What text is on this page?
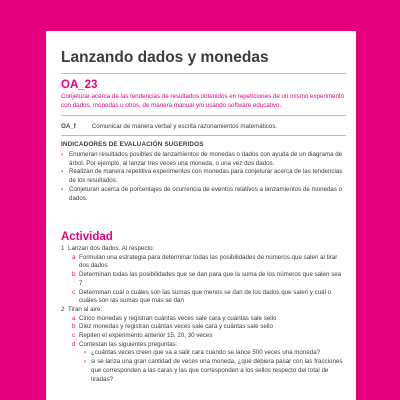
Lanzando dados y monedas
OA_23
Conjeturar acerca de las tendencias de resultados obtenidos en repeticiones de un mismo experimento con dados, monedas u otros, de manera manual y/o usando software educativo.
OA_f	Comunicar de manera verbal y escrita razonamientos matemáticos.
INDICADORES DE EVALUACIÓN SUGERIDOS
› Enumeran resultados posibles de lanzamientos de monedas o dados con ayuda de un diagrama de árbol. Por ejemplo, al lanzar tres veces una moneda, o una vez dos dados.
› Realizan de manera repetitiva experimentos con monedas para conjeturar acerca de las tendencias de los resultados.
› Conjeturan acerca de porcentajes de ocurrencia de eventos relativos a lanzamientos de monedas o dados.
Actividad
1 Lanzan dos dados. Al respecto:
a Formulan una estrategia para determinar todas las posibilidades de números que salen al tirar dos dados
b Determinan todas las posibilidades que se dan para que la suma de los números que salen sea 7
c Determinan cuál o cuáles son las sumas que menos se dan de los dados que salen y cuál o cuáles son las sumas que más se dan
2 Tiran al aire:
a Cinco monedas y registran cuántas veces sale cara y cuántas sale sello
b Diez monedas y registran cuántas veces sale cara y cuántas sale sello
c Repiten el experimento anterior 15, 20, 30 veces
d Contestan las siguientes preguntas:
› ¿cuántas veces creen que va a salir cara cuando se lance 500 veces una moneda?
› si se lanza una gran cantidad de veces una moneda, ¿qué debiera pasar con las fracciones que corresponden a las caras y las que corresponden a los sellos respecto del total de tiradas?
